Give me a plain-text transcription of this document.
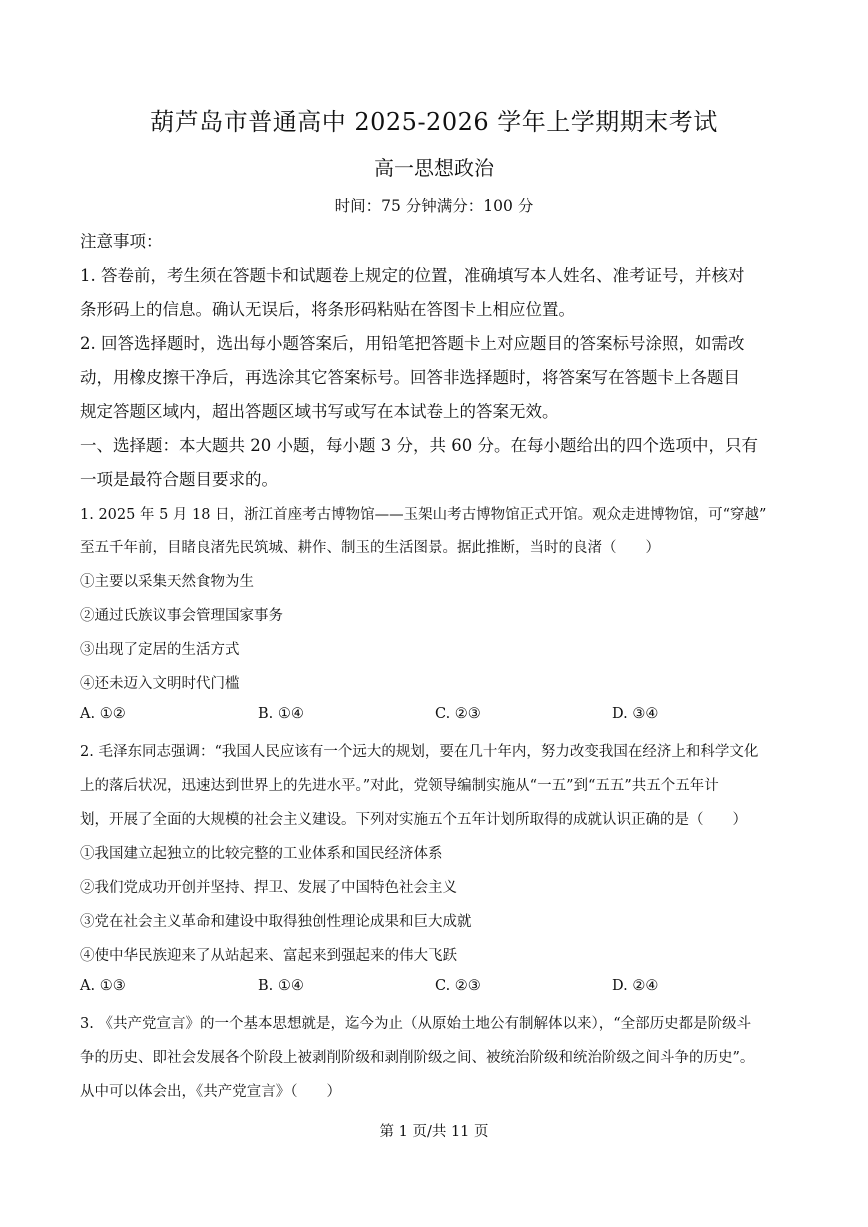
葫芦岛市普通高中 2025-2026 学年上学期期末考试
高一思想政治
时间：75 分钟满分：100 分
注意事项：
1. 答卷前，考生须在答题卡和试题卷上规定的位置，准确填写本人姓名、准考证号，并核对
条形码上的信息。确认无误后，将条形码粘贴在答图卡上相应位置。
2. 回答选择题时，选出每小题答案后，用铅笔把答题卡上对应题目的答案标号涂照，如需改
动，用橡皮擦干净后，再选涂其它答案标号。回答非选择题时，将答案写在答题卡上各题目
规定答题区域内，超出答题区域书写或写在本试卷上的答案无效。
一、选择题：本大题共 20 小题，每小题 3 分，共 60 分。在每小题给出的四个选项中，只有
一项是最符合题目要求的。
1. 2025 年 5 月 18 日，浙江首座考古博物馆——玉架山考古博物馆正式开馆。观众走进博物馆，可“穿越”
至五千年前，目睹良渚先民筑城、耕作、制玉的生活图景。据此推断，当时的良渚（　　）
①主要以采集天然食物为生
②通过氏族议事会管理国家事务
③出现了定居的生活方式
④还未迈入文明时代门槛
A. ①②	B. ①④	C. ②③	D. ③④
2. 毛泽东同志强调：“我国人民应该有一个远大的规划，要在几十年内，努力改变我国在经济上和科学文化
上的落后状况，迅速达到世界上的先进水平。”对此，党领导编制实施从“一五”到“五五”共五个五年计
划，开展了全面的大规模的社会主义建设。下列对实施五个五年计划所取得的成就认识正确的是（　　）
①我国建立起独立的比较完整的工业体系和国民经济体系
②我们党成功开创并坚持、捍卫、发展了中国特色社会主义
③党在社会主义革命和建设中取得独创性理论成果和巨大成就
④使中华民族迎来了从站起来、富起来到强起来的伟大飞跃
A. ①③	B. ①④	C. ②③	D. ②④
3. 《共产党宣言》的一个基本思想就是，迄今为止（从原始土地公有制解体以来），“全部历史都是阶级斗
争的历史、即社会发展各个阶段上被剥削阶级和剥削阶级之间、被统治阶级和统治阶级之间斗争的历史”。
从中可以体会出，《共产党宣言》（　　）
第 1 页/共 11 页
